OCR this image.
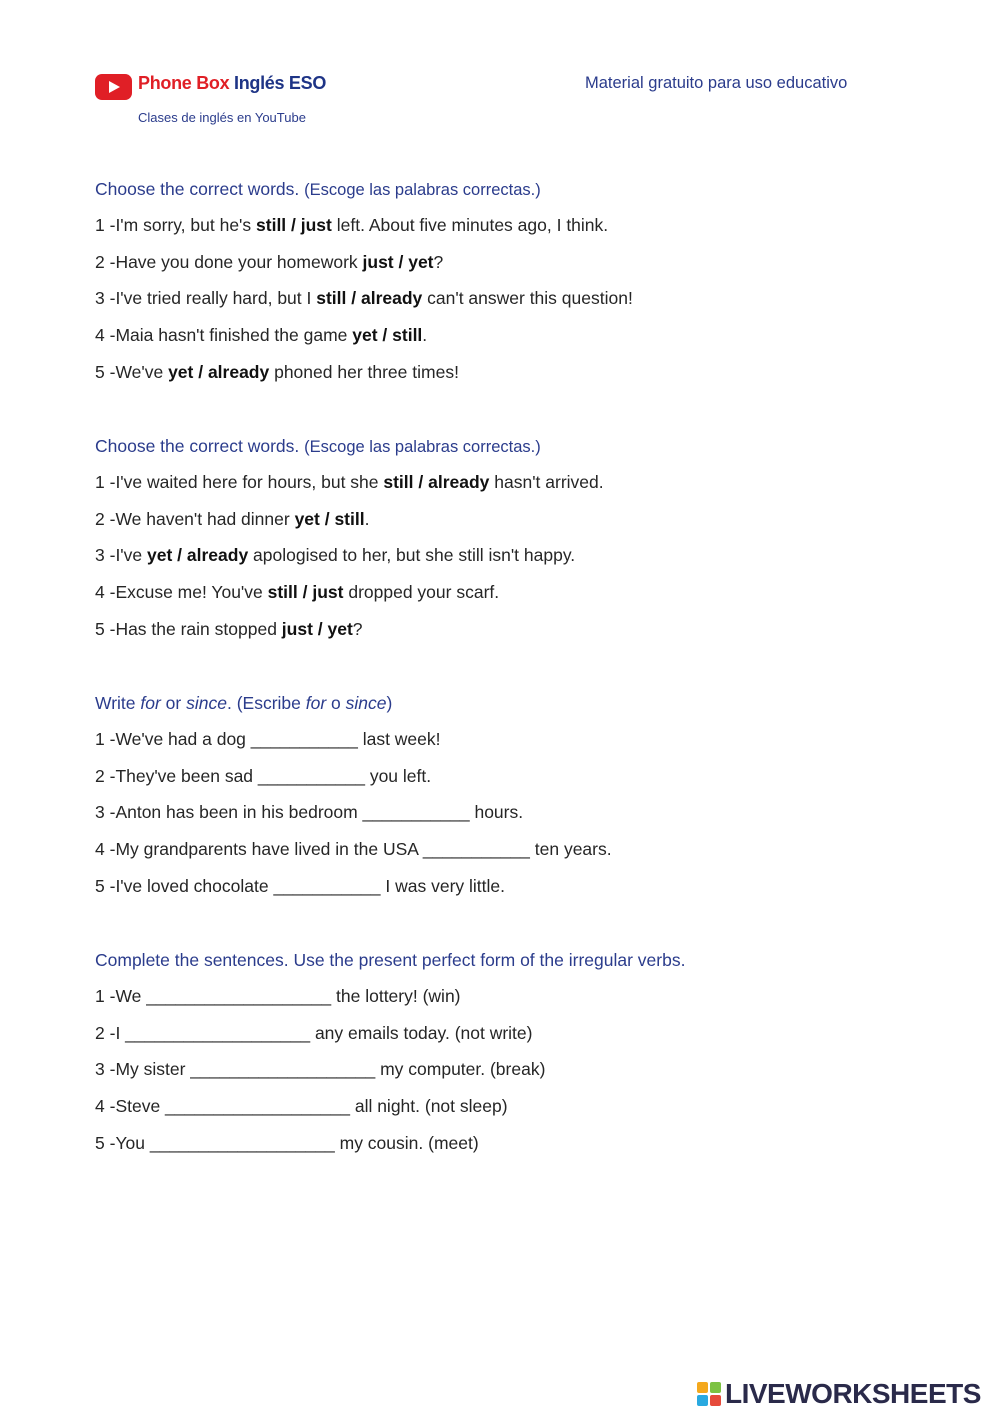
Phone Box Inglés ESO
Clases de inglés en YouTube
Material gratuito para uso educativo
Choose the correct words. (Escoge las palabras correctas.)
1 -I'm sorry, but he's still / just left. About five minutes ago, I think.
2 -Have you done your homework just / yet?
3 -I've tried really hard, but I still / already can't answer this question!
4 -Maia hasn't finished the game yet / still.
5 -We've yet / already phoned her three times!
Choose the correct words. (Escoge las palabras correctas.)
1 -I've waited here for hours, but she still / already hasn't arrived.
2 -We haven't had dinner yet / still.
3 -I've yet / already apologised to her, but she still isn't happy.
4 -Excuse me! You've still / just dropped your scarf.
5 -Has the rain stopped just / yet?
Write for or since. (Escribe for o since)
1 -We've had a dog ___________ last week!
2 -They've been sad ___________ you left.
3 -Anton has been in his bedroom ___________ hours.
4 -My grandparents have lived in the USA ___________ ten years.
5 -I've loved chocolate ___________ I was very little.
Complete the sentences. Use the present perfect form of the irregular verbs.
1 -We ___________________ the lottery! (win)
2 -I ___________________ any emails today. (not write)
3 -My sister ___________________ my computer. (break)
4 -Steve ___________________ all night. (not sleep)
5 -You ___________________ my cousin. (meet)
LIVEWORKSHEETS
